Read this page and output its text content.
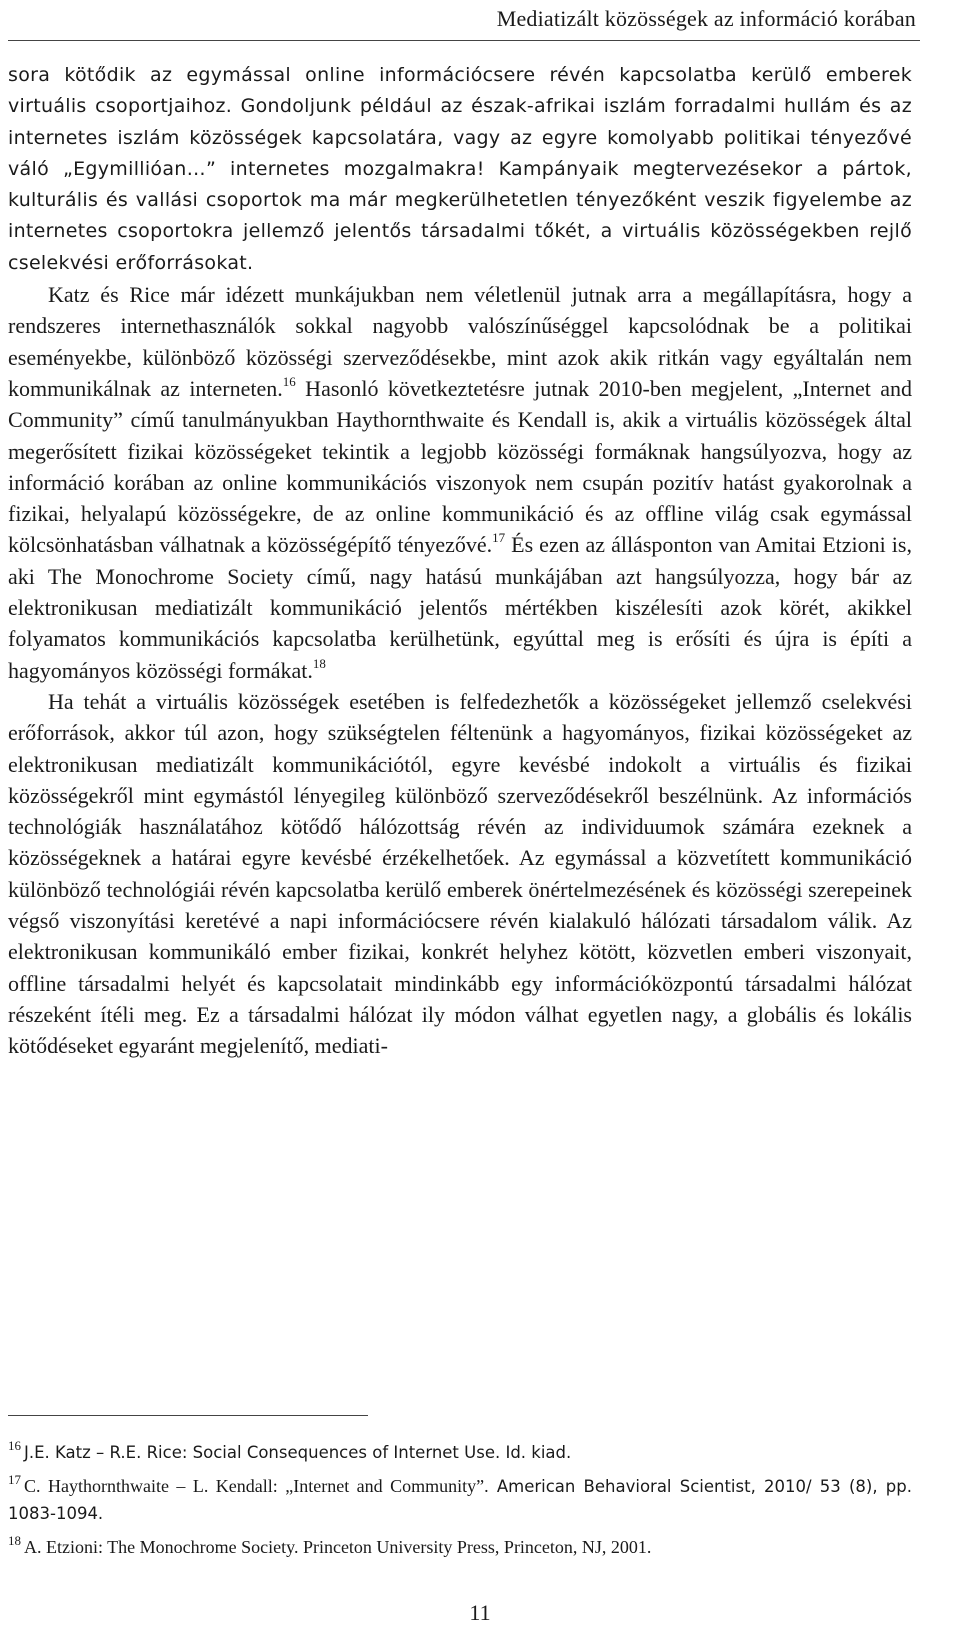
Mediatizált közösségek az információ korában

sora kötődik az egymással online információcsere révén kapcsolatba kerülő emberek virtuális csoportjaihoz. Gondoljunk például az észak-afrikai iszlám forradalmi hullám és az internetes iszlám közösségek kapcsolatára, vagy az egyre komolyabb politikai tényezővé váló „Egymillióan…” internetes mozgalmakra! Kampányaik megtervezésekor a pártok, kulturális és vallási csoportok ma már megkerülhetetlen tényezőként veszik figyelembe az internetes csoportokra jellemző jelentős társadalmi tőkét, a virtuális közösségekben rejlő cselekvési erőforrásokat.

Katz és Rice már idézett munkájukban nem véletlenül jutnak arra a megállapításra, hogy a rendszeres internethasználók sokkal nagyobb valószínűséggel kapcsolódnak be a politikai eseményekbe, különböző közösségi szerveződésekbe, mint azok akik ritkán vagy egyáltalán nem kommunikálnak az interneten.$^{16}$ Hasonló következtetésre jutnak 2010-ben megjelent, „Internet and Community” című tanulmányukban Haythornthwaite és Kendall is, akik a virtuális közösségek által megerősített fizikai közösségeket tekintik a legjobb közösségi formáknak hangsúlyozva, hogy az információ korában az online kommunikációs viszonyok nem csupán pozitív hatást gyakorolnak a fizikai, helyalapú közösségekre, de az online kommunikáció és az offline világ csak egymással kölcsönhatásban válhatnak a közösségépítő tényezővé.$^{17}$ És ezen az állásponton van Amitai Etzioni is, aki The Monochrome Society című, nagy hatású munkájában azt hangsúlyozza, hogy bár az elektronikusan mediatizált kommunikáció jelentős mértékben kiszélesíti azok körét, akikkel folyamatos kommunikációs kapcsolatba kerülhetünk, egyúttal meg is erősíti és újra is építi a hagyományos közösségi formákat.$^{18}$

Ha tehát a virtuális közösségek esetében is felfedezhetők a közösségeket jellemző cselekvési erőforrások, akkor túl azon, hogy szükségtelen féltenünk a hagyományos, fizikai közösségeket az elektronikusan mediatizált kommunikációtól, egyre kevésbé indokolt a virtuális és fizikai közösségekről mint egymástól lényegileg különböző szerveződésekről beszélnünk. Az információs technológiák használatához kötődő hálózottság révén az individuumok számára ezeknek a közösségeknek a határai egyre kevésbé érzékelhetőek. Az egymással a közvetített kommunikáció különböző technológiái révén kapcsolatba kerülő emberek önértelmezésének és közösségi szerepeinek végső viszonyítási keretévé a napi információcsere révén kialakuló hálózati társadalom válik. Az elektronikusan kommunikáló ember fizikai, konkrét helyhez kötött, közvetlen emberi viszonyait, offline társadalmi helyét és kapcsolatait mindinkább egy információközpontú társadalmi hálózat részeként ítéli meg. Ez a társadalmi hálózat ily módon válhat egyetlen nagy, a globális és lokális kötődéseket egyaránt megjelenítő, mediati-

$^{16}$ J.E. Katz – R.E. Rice: Social Consequences of Internet Use. Id. kiad.

$^{17}$ C. Haythornthwaite – L. Kendall: „Internet and Community”. American Behavioral Scientist, 2010/ 53 (8), pp. 1083-1094.

$^{18}$ A. Etzioni: The Monochrome Society. Princeton University Press, Princeton, NJ, 2001.

11
